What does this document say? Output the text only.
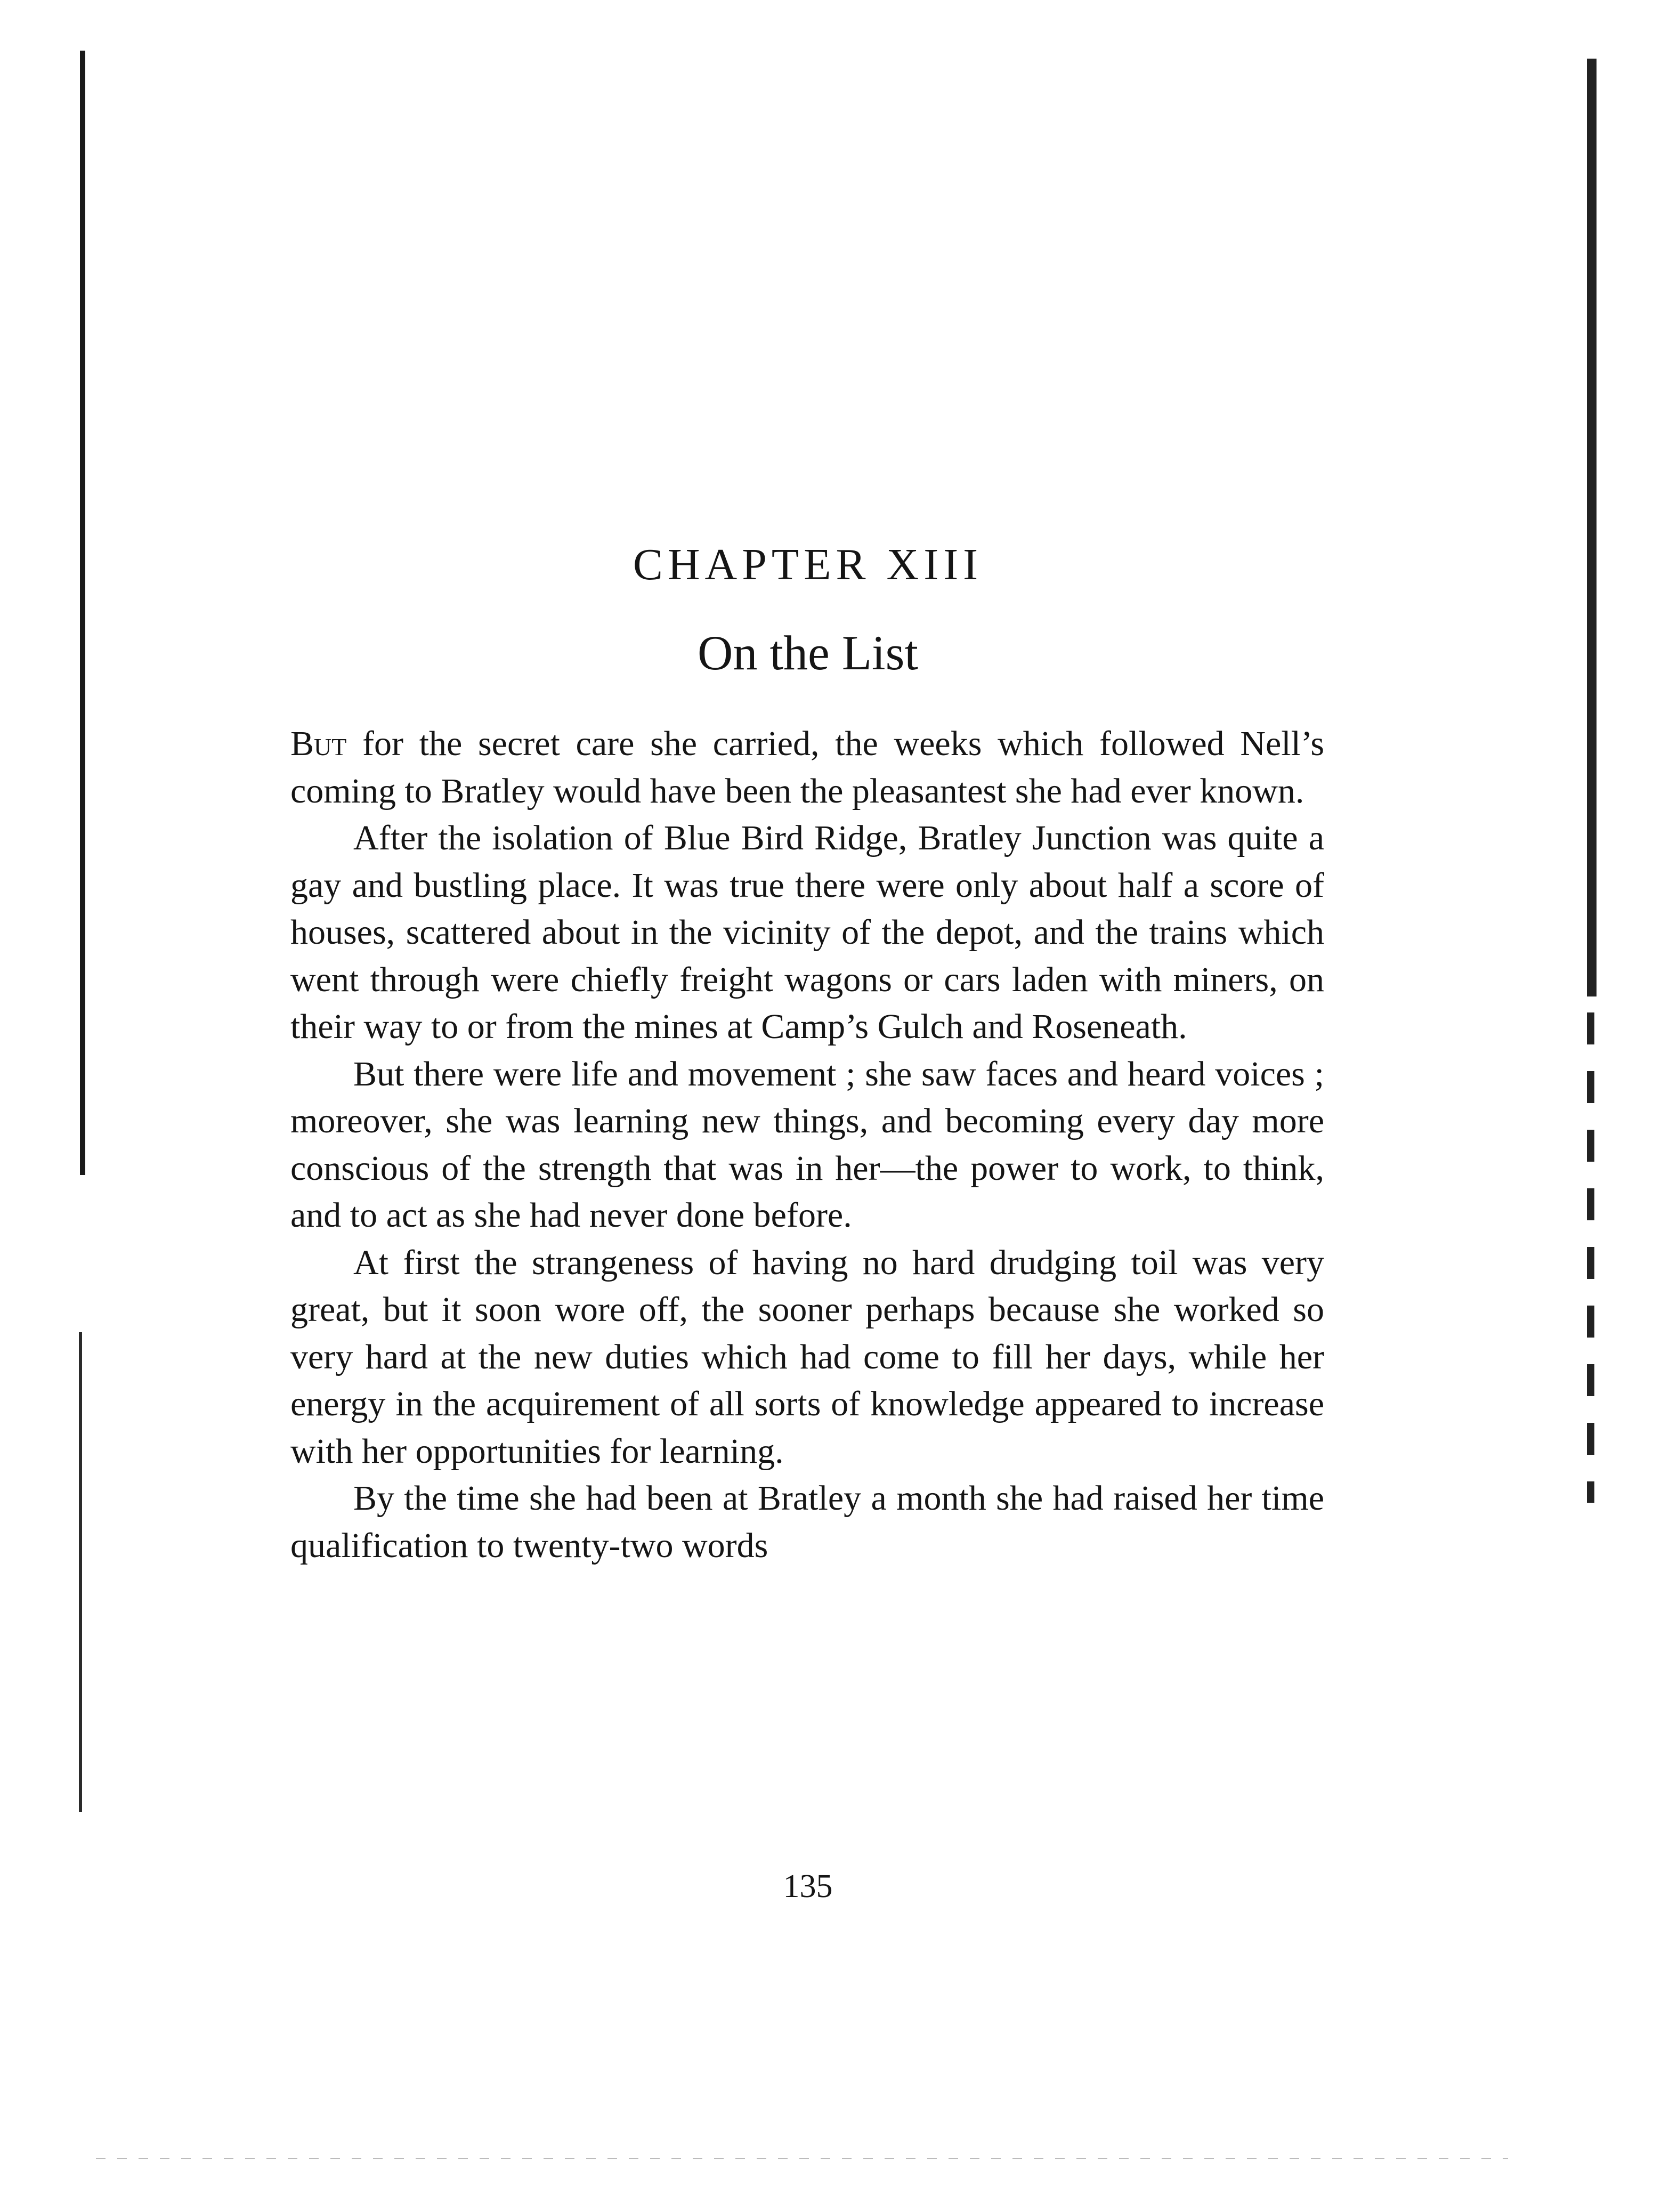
CHAPTER XIII
On the List

But for the secret care she carried, the weeks which followed Nell’s coming to Bratley would have been the pleasantest she had ever known.

After the isolation of Blue Bird Ridge, Bratley Junction was quite a gay and bustling place. It was true there were only about half a score of houses, scattered about in the vicinity of the depot, and the trains which went through were chiefly freight wagons or cars laden with miners, on their way to or from the mines at Camp’s Gulch and Roseneath.

But there were life and movement ; she saw faces and heard voices ; moreover, she was learning new things, and becoming every day more conscious of the strength that was in her—the power to work, to think, and to act as she had never done before.

At first the strangeness of having no hard drudging toil was very great, but it soon wore off, the sooner perhaps because she worked so very hard at the new duties which had come to fill her days, while her energy in the acquirement of all sorts of knowledge appeared to increase with her opportunities for learning.

By the time she had been at Bratley a month she had raised her time qualification to twenty-two words

135
